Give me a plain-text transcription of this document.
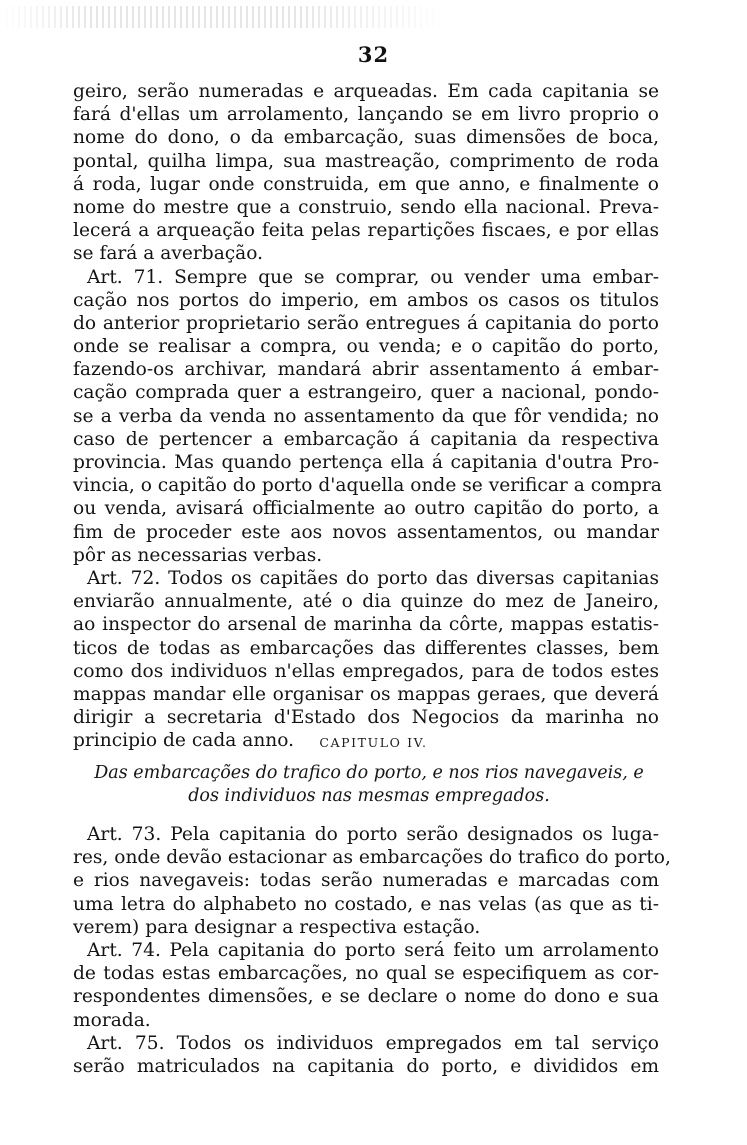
32
geiro, serão numeradas e arqueadas. Em cada capitania se
fará d'ellas um arrolamento, lançando se em livro proprio o
nome do dono, o da embarcação, suas dimensões de boca,
pontal, quilha limpa, sua mastreação, comprimento de roda
á roda, lugar onde construida, em que anno, e finalmente o
nome do mestre que a construio, sendo ella nacional. Preva-
lecerá a arqueação feita pelas repartições fiscaes, e por ellas
se fará a averbação.
Art. 71. Sempre que se comprar, ou vender uma embar-
cação nos portos do imperio, em ambos os casos os titulos
do anterior proprietario serão entregues á capitania do porto
onde se realisar a compra, ou venda; e o capitão do porto,
fazendo-os archivar, mandará abrir assentamento á embar-
cação comprada quer a estrangeiro, quer a nacional, pondo-
se a verba da venda no assentamento da que fôr vendida; no
caso de pertencer a embarcação á capitania da respectiva
provincia. Mas quando pertença ella á capitania d'outra Pro-
vincia, o capitão do porto d'aquella onde se verificar a compra
ou venda, avisará officialmente ao outro capitão do porto, a
fim de proceder este aos novos assentamentos, ou mandar
pôr as necessarias verbas.
Art. 72. Todos os capitães do porto das diversas capitanias
enviarão annualmente, até o dia quinze do mez de Janeiro,
ao inspector do arsenal de marinha da côrte, mappas estatis-
ticos de todas as embarcações das differentes classes, bem
como dos individuos n'ellas empregados, para de todos estes
mappas mandar elle organisar os mappas geraes, que deverá
dirigir a secretaria d'Estado dos Negocios da marinha no
principio de cada anno.	CAPITULO IV.
Das embarcações do trafico do porto, e nos rios navegaveis, e
dos individuos nas mesmas empregados.
Art. 73. Pela capitania do porto serão designados os luga-
res, onde devão estacionar as embarcações do trafico do porto,
e rios navegaveis: todas serão numeradas e marcadas com
uma letra do alphabeto no costado, e nas velas (as que as ti-
verem) para designar a respectiva estação.
Art. 74. Pela capitania do porto será feito um arrolamento
de todas estas embarcações, no qual se especifiquem as cor-
respondentes dimensões, e se declare o nome do dono e sua
morada.
Art. 75. Todos os individuos empregados em tal serviço
serão matriculados na capitania do porto, e divididos em
